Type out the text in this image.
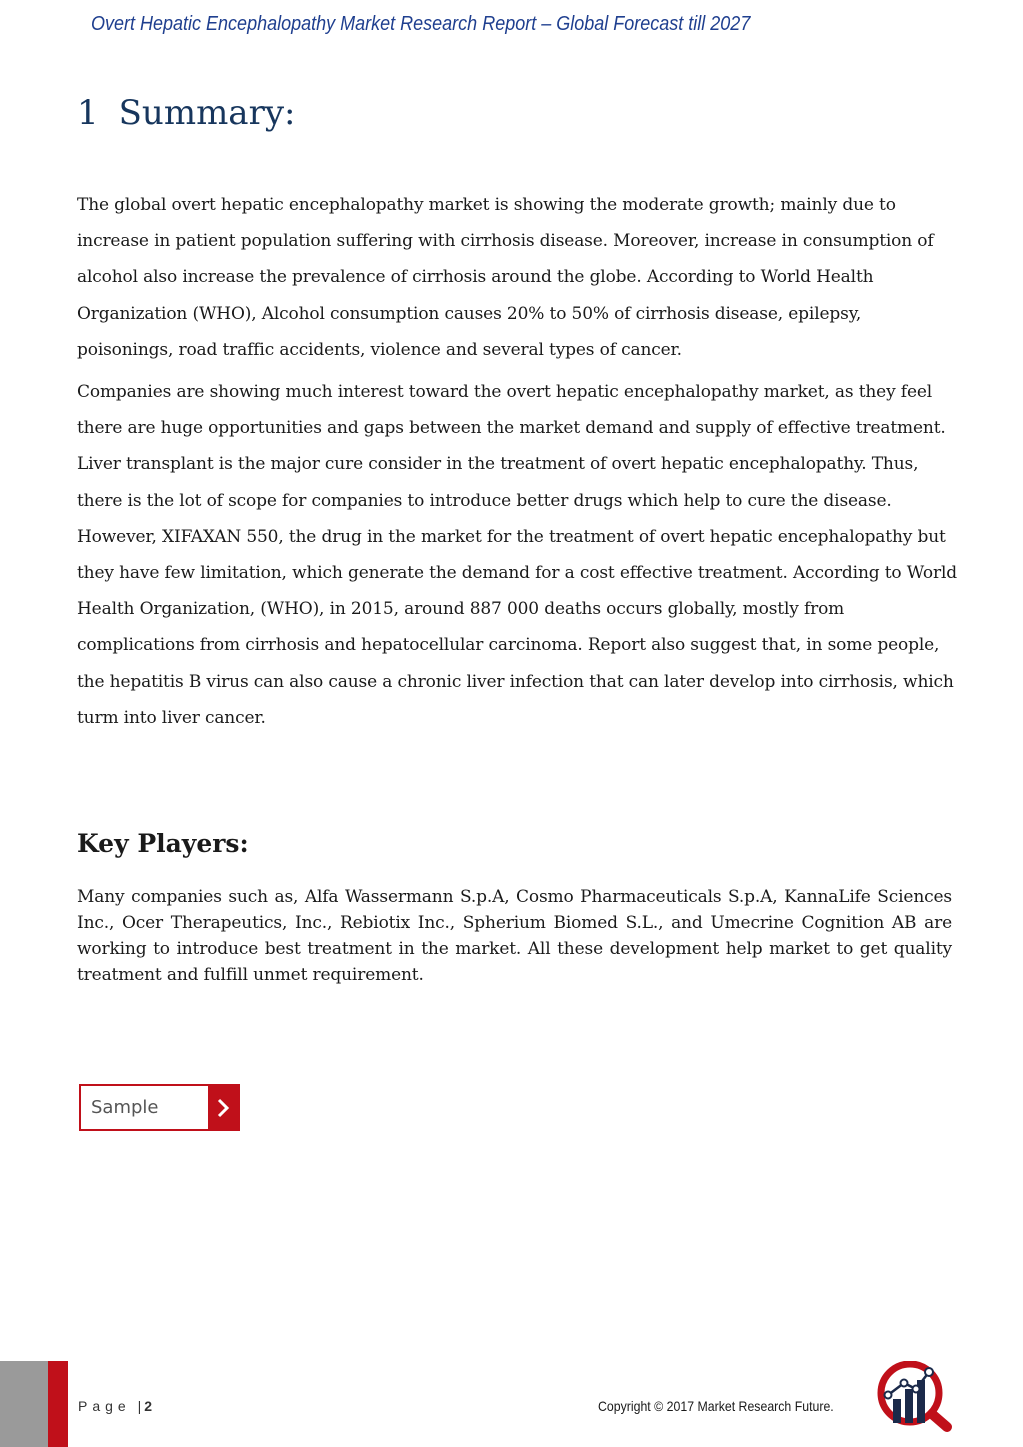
Overt Hepatic Encephalopathy Market Research Report – Global Forecast till 2027
1 Summary:

The global overt hepatic encephalopathy market is showing the moderate growth; mainly due to increase in patient population suffering with cirrhosis disease. Moreover, increase in consumption of alcohol also increase the prevalence of cirrhosis around the globe. According to World Health Organization (WHO), Alcohol consumption causes 20% to 50% of cirrhosis disease, epilepsy, poisonings, road traffic accidents, violence and several types of cancer.

Companies are showing much interest toward the overt hepatic encephalopathy market, as they feel there are huge opportunities and gaps between the market demand and supply of effective treatment. Liver transplant is the major cure consider in the treatment of overt hepatic encephalopathy. Thus, there is the lot of scope for companies to introduce better drugs which help to cure the disease. However, XIFAXAN 550, the drug in the market for the treatment of overt hepatic encephalopathy but they have few limitation, which generate the demand for a cost effective treatment. According to World Health Organization, (WHO), in 2015, around 887 000 deaths occurs globally, mostly from complications from cirrhosis and hepatocellular carcinoma. Report also suggest that, in some people, the hepatitis B virus can also cause a chronic liver infection that can later develop into cirrhosis, which turm into liver cancer.

Key Players:

Many companies such as, Alfa Wassermann S.p.A, Cosmo Pharmaceuticals S.p.A, KannaLife Sciences Inc., Ocer Therapeutics, Inc., Rebiotix Inc., Spherium Biomed S.L., and Umecrine Cognition AB are working to introduce best treatment in the market. All these development help market to get quality treatment and fulfill unmet requirement.

Sample
Page | 2	Copyright © 2017 Market Research Future.
